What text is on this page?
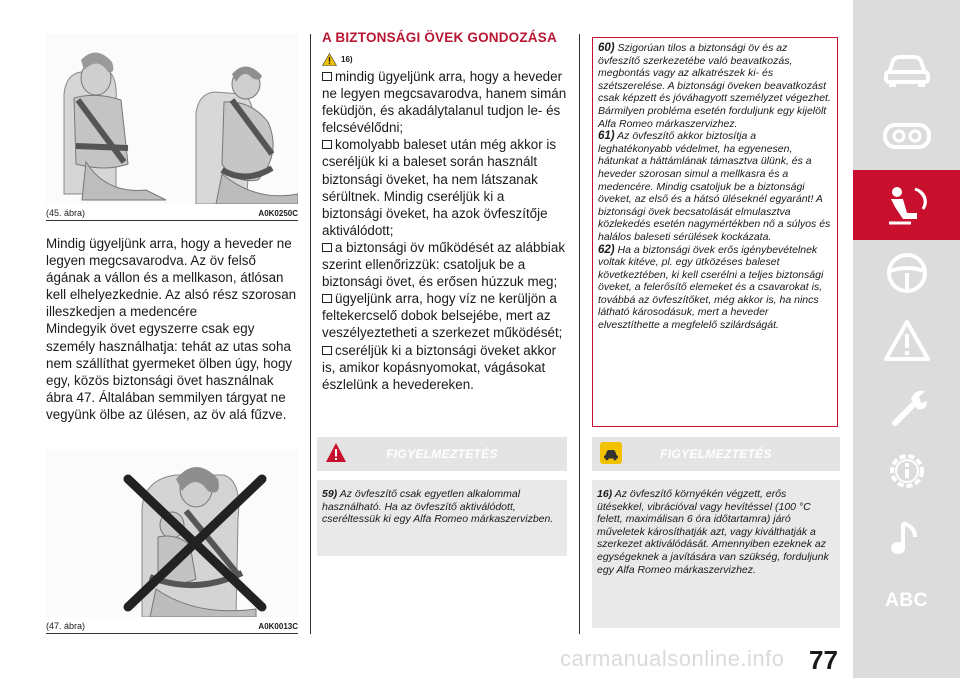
(45. ábra)	A0K0250C

Mindig ügyeljünk arra, hogy a heveder ne legyen megcsavarodva. Az öv felső ágának a vállon és a mellkason, átlósan kell elhelyezkednie. Az alsó rész szorosan illeszkedjen a medencére

Mindegyik övet egyszerre csak egy személy használhatja: tehát az utas soha nem szállíthat gyermeket ölben úgy, hogy egy, közös biztonsági övet használnak ábra 47. Általában semmilyen tárgyat ne vegyünk ölbe az ülésen, az öv alá fűzve.

(47. ábra)	A0K0013C
A BIZTONSÁGI ÖVEK GONDOZÁSA
16)

mindig ügyeljünk arra, hogy a heveder ne legyen megcsavarodva, hanem simán feküdjön, és akadálytalanul tudjon le- és felcsévélődni;

komolyabb baleset után még akkor is cseréljük ki a baleset során használt biztonsági öveket, ha nem látszanak sérültnek. Mindig cseréljük ki a biztonsági öveket, ha azok övfeszítője aktiválódott;

a biztonsági öv működését az alábbiak szerint ellenőrizzük: csatoljuk be a biztonsági övet, és erősen húzzuk meg;

ügyeljünk arra, hogy víz ne kerüljön a feltekercselő dobok belsejébe, mert az veszélyeztetheti a szerkezet működését;

cseréljük ki a biztonsági öveket akkor is, amikor kopásnyomokat, vágásokat észlelünk a hevedereken.

FIGYELMEZTETÉS
59) Az övfeszítő csak egyetlen alkalommal használható. Ha az övfeszítő aktiválódott, cseréltessük ki egy Alfa Romeo márkaszervizben.

60) Szigorúan tilos a biztonsági öv és az övfeszítő szerkezetébe való beavatkozás, megbontás vagy az alkatrészek ki- és szétszerelése. A biztonsági öveken beavatkozást csak képzett és jóváhagyott személyzet végezhet. Bármilyen probléma esetén forduljunk egy kijelölt Alfa Romeo márkaszervizhez.

61) Az övfeszítő akkor biztosítja a leghatékonyabb védelmet, ha egyenesen, hátunkat a háttámlának támasztva ülünk, és a heveder szorosan simul a mellkasra és a medencére. Mindig csatoljuk be a biztonsági öveket, az első és a hátsó üléseknél egyaránt! A biztonsági övek becsatolását elmulasztva közlekedés esetén nagymértékben nő a súlyos és halálos baleseti sérülések kockázata.

62) Ha a biztonsági övek erős igénybevételnek voltak kitéve, pl. egy ütközéses baleset következtében, ki kell cserélni a teljes biztonsági öveket, a felerősítő elemeket és a csavarokat is, továbbá az övfeszítőket, még akkor is, ha nincs látható károsodásuk, mert a heveder elvesztíthette a megfelelő szilárdságát.

FIGYELMEZTETÉS
16) Az övfeszítő környékén végzett, erős ütésekkel, vibrációval vagy hevítéssel (100 °C felett, maximálisan 6 óra időtartamra) járó műveletek károsíthatják azt, vagy kiválthatják a szerkezet aktiválódását. Amennyiben ezeknek az egységeknek a javítására van szükség, forduljunk egy Alfa Romeo márkaszervizhez.
carmanualsonline.info 77
ABC
